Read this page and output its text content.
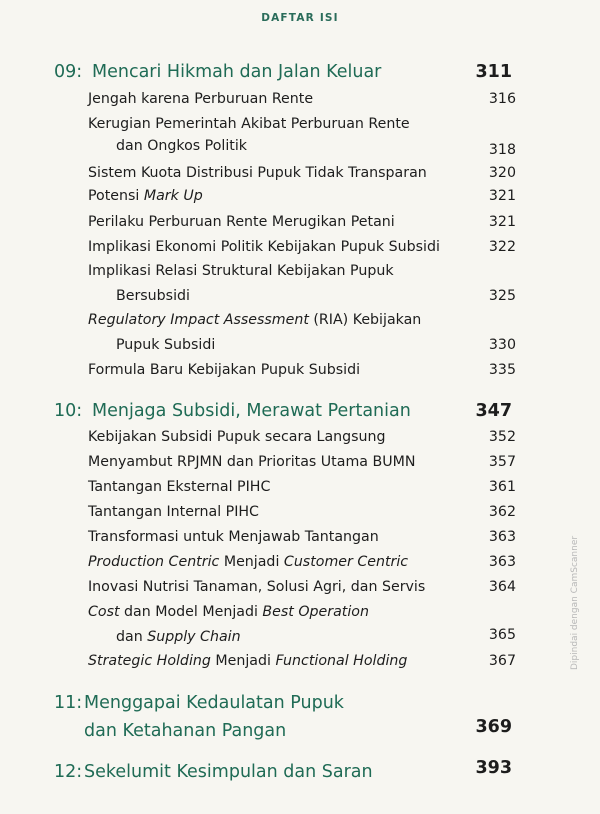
DAFTAR ISI
09: Mencari Hikmah dan Jalan Keluar	311
Jengah karena Perburuan Rente	316
Kerugian Pemerintah Akibat Perburuan Rente
dan Ongkos Politik	318
Sistem Kuota Distribusi Pupuk Tidak Transparan	320
Potensi Mark Up	321
Perilaku Perburuan Rente Merugikan Petani	321
Implikasi Ekonomi Politik Kebijakan Pupuk Subsidi	322
Implikasi Relasi Struktural Kebijakan Pupuk
Bersubsidi	325
Regulatory Impact Assessment (RIA) Kebijakan
Pupuk Subsidi	330
Formula Baru Kebijakan Pupuk Subsidi	335
10: Menjaga Subsidi, Merawat Pertanian	347
Kebijakan Subsidi Pupuk secara Langsung	352
Menyambut RPJMN dan Prioritas Utama BUMN	357
Tantangan Eksternal PIHC	361
Tantangan Internal PIHC	362
Transformasi untuk Menjawab Tantangan	363
Production Centric Menjadi Customer Centric	363
Inovasi Nutrisi Tanaman, Solusi Agri, dan Servis	364
Cost dan Model Menjadi Best Operation
dan Supply Chain	365
Strategic Holding Menjadi Functional Holding	367
11: Menggapai Kedaulatan Pupuk
dan Ketahanan Pangan	369
12: Sekelumit Kesimpulan dan Saran	393
Dipindai dengan CamScanner
